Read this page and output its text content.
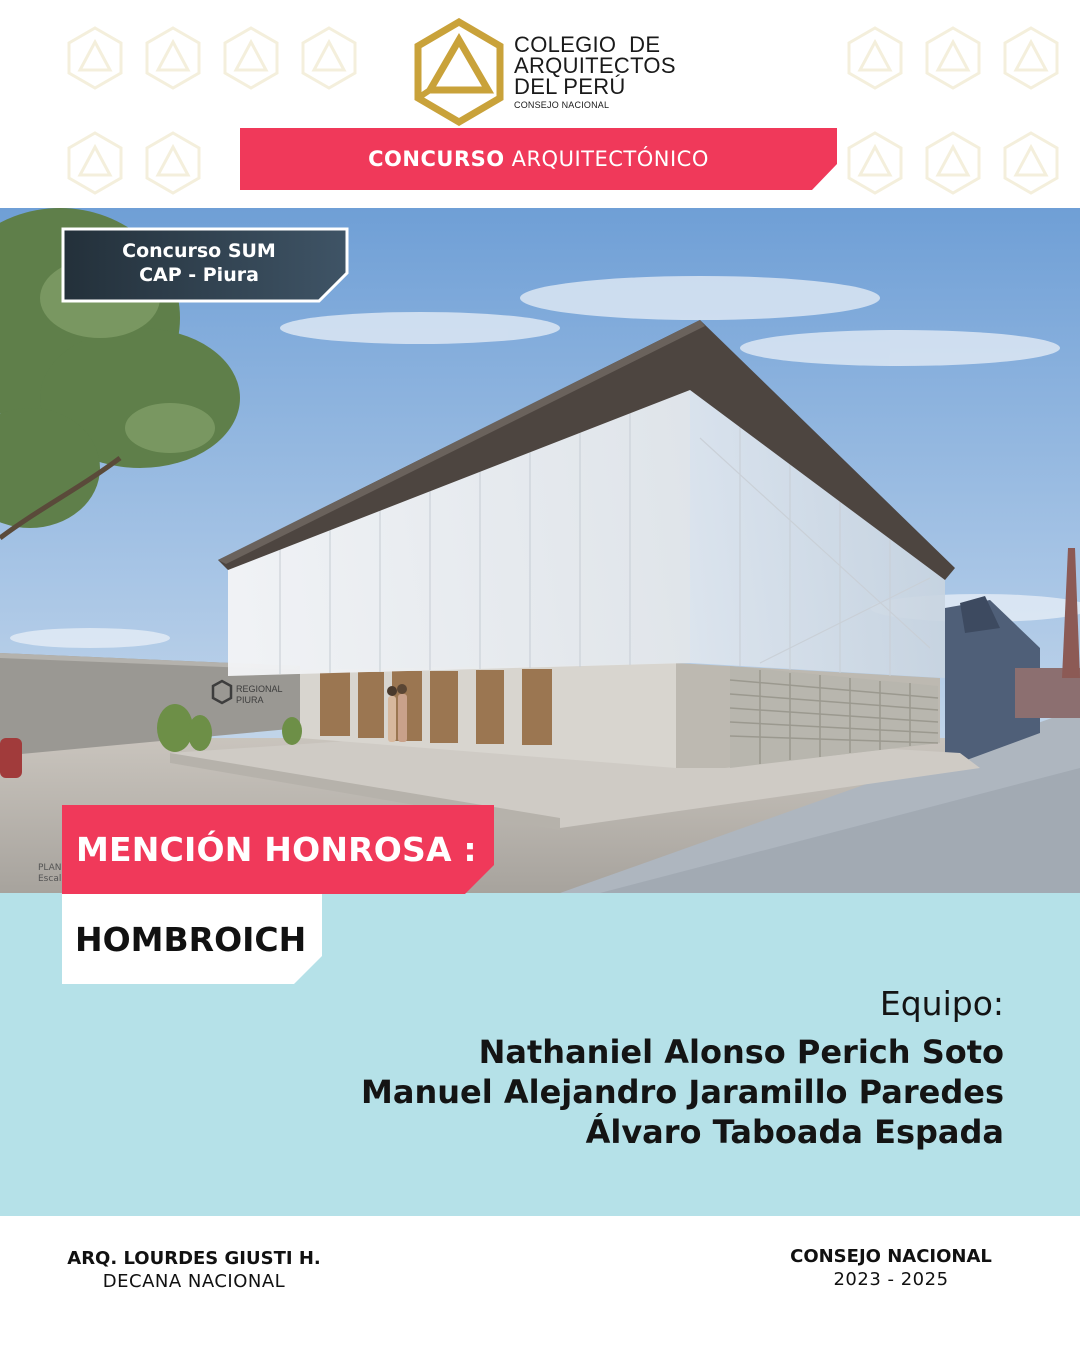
COLEGIO  DE
ARQUITECTOS
DEL PERÚ
CONSEJO NACIONAL
CONCURSO ARQUITECTÓNICO
REGIONAL
PIURA
PLAN
Escal
Concurso SUM
CAP - Piura
MENCIÓN HONROSA :
HOMBROICH
Equipo:
Nathaniel Alonso Perich Soto
Manuel Alejandro Jaramillo Paredes
Álvaro Taboada Espada
ARQ. LOURDES GIUSTI H.
DECANA NACIONAL
CONSEJO NACIONAL
2023 - 2025
